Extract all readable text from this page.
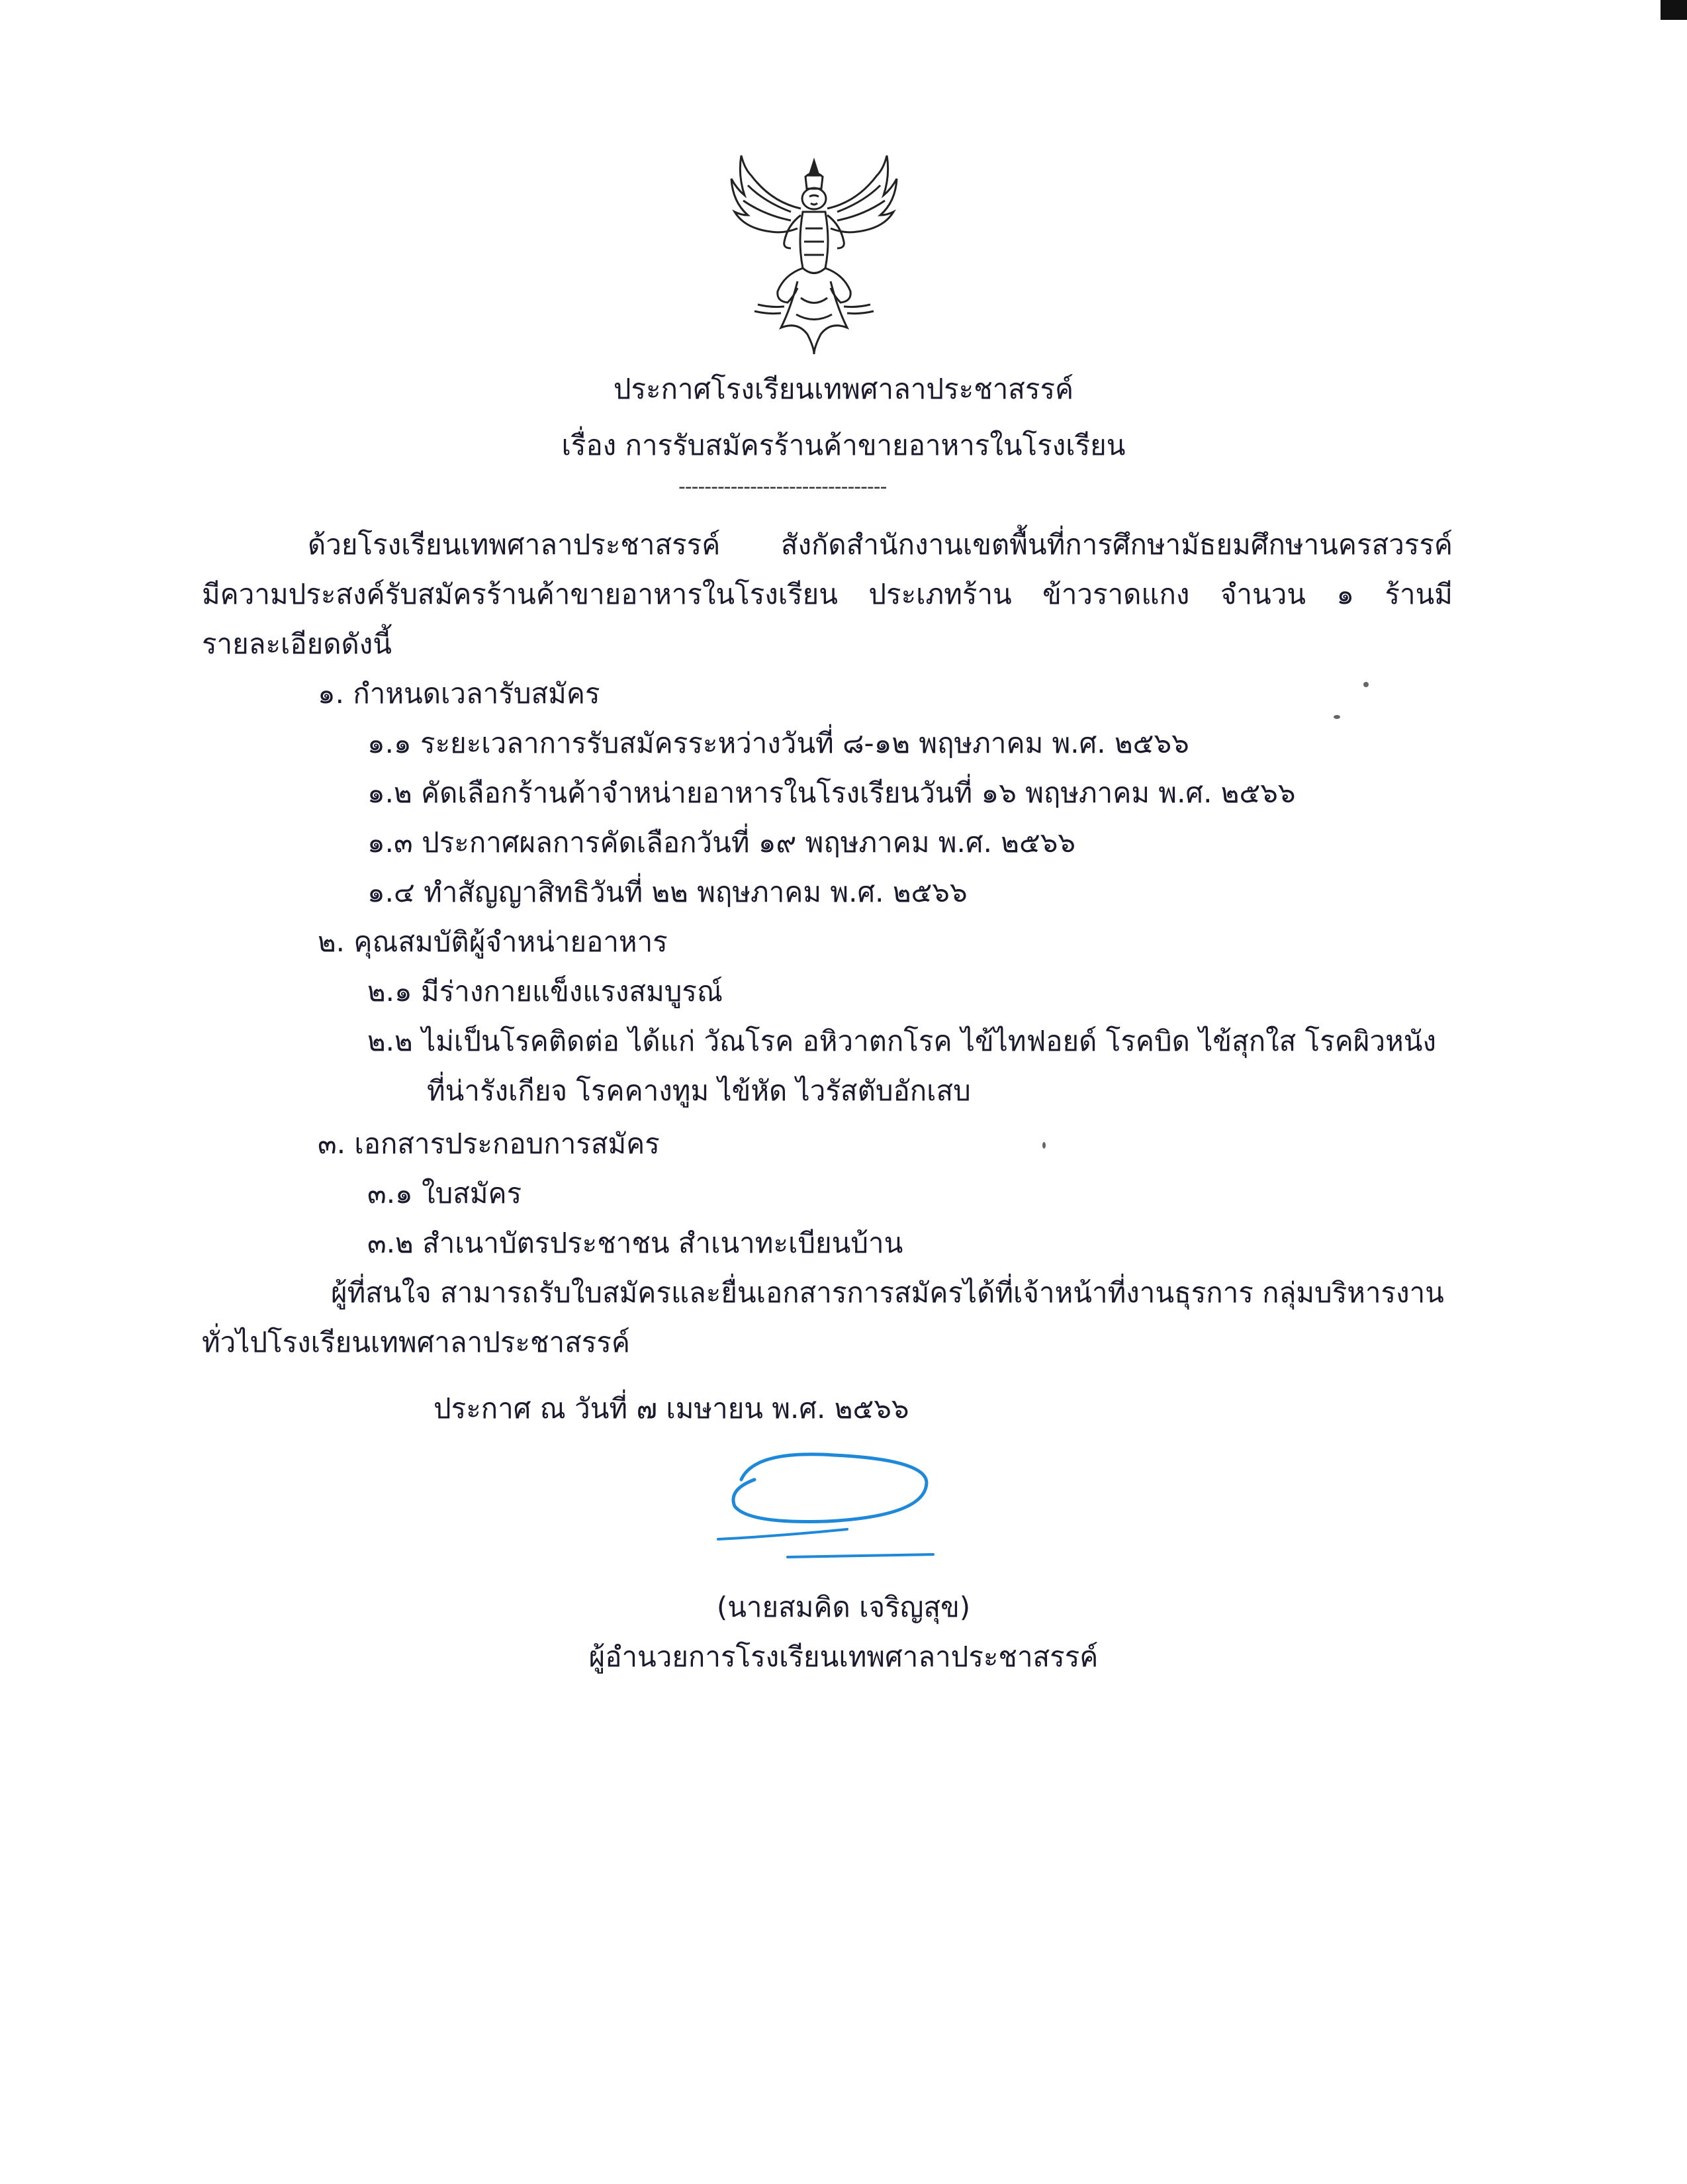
ประกาศโรงเรียนเทพศาลาประชาสรรค์
เรื่อง การรับสมัครร้านค้าขายอาหารในโรงเรียน
--------------------------------
ด้วยโรงเรียนเทพศาลาประชาสรรค์ สังกัดสำนักงานเขตพื้นที่การศึกษามัธยมศึกษานครสวรรค์
มีความประสงค์รับสมัครร้านค้าขายอาหารในโรงเรียน ประเภทร้าน ข้าวราดแกง จำนวน ๑ ร้านมี
รายละเอียดดังนี้
๑. กำหนดเวลารับสมัคร
๑.๑ ระยะเวลาการรับสมัครระหว่างวันที่ ๘-๑๒ พฤษภาคม พ.ศ. ๒๕๖๖
๑.๒ คัดเลือกร้านค้าจำหน่ายอาหารในโรงเรียนวันที่ ๑๖ พฤษภาคม พ.ศ. ๒๕๖๖
๑.๓ ประกาศผลการคัดเลือกวันที่ ๑๙ พฤษภาคม พ.ศ. ๒๕๖๖
๑.๔ ทำสัญญาสิทธิวันที่ ๒๒ พฤษภาคม พ.ศ. ๒๕๖๖
๒. คุณสมบัติผู้จำหน่ายอาหาร
๒.๑ มีร่างกายแข็งแรงสมบูรณ์
๒.๒ ไม่เป็นโรคติดต่อ ได้แก่ วัณโรค อหิวาตกโรค ไข้ไทฟอยด์ โรคบิด ไข้สุกใส โรคผิวหนัง
ที่น่ารังเกียจ โรคคางทูม ไข้หัด ไวรัสตับอักเสบ
๓. เอกสารประกอบการสมัคร
๓.๑ ใบสมัคร
๓.๒ สำเนาบัตรประชาชน สำเนาทะเบียนบ้าน
ผู้ที่สนใจ สามารถรับใบสมัครและยื่นเอกสารการสมัครได้ที่เจ้าหน้าที่งานธุรการ กลุ่มบริหารงาน
ทั่วไปโรงเรียนเทพศาลาประชาสรรค์
ประกาศ ณ วันที่ ๗ เมษายน พ.ศ. ๒๕๖๖
(นายสมคิด เจริญสุข)
ผู้อำนวยการโรงเรียนเทพศาลาประชาสรรค์
